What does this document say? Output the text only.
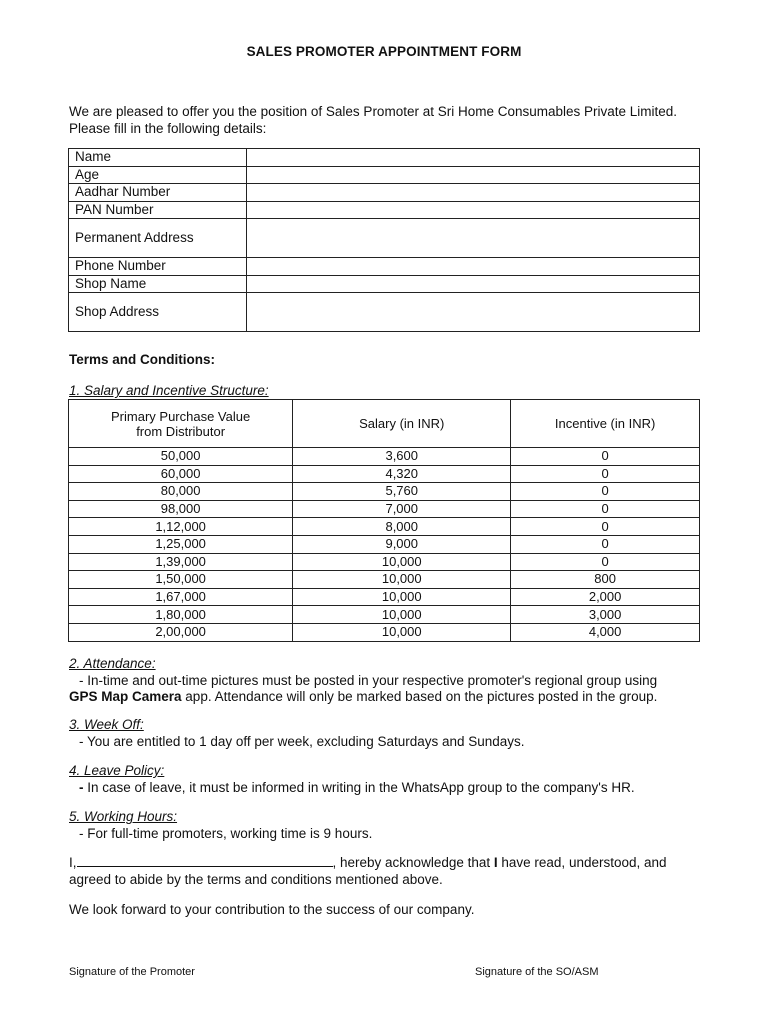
SALES PROMOTER APPOINTMENT FORM
We are pleased to offer you the position of Sales Promoter at Sri Home Consumables Private Limited.
Please fill in the following details:
Name	
Age	
Aadhar Number	
PAN Number	
Permanent Address	
Phone Number	
Shop Name	
Shop Address	
Terms and Conditions:
1. Salary and Incentive Structure:
Primary Purchase Value
from Distributor	Salary (in INR)	Incentive (in INR)
50,000	3,600	0
60,000	4,320	0
80,000	5,760	0
98,000	7,000	0
1,12,000	8,000	0
1,25,000	9,000	0
1,39,000	10,000	0
1,50,000	10,000	800
1,67,000	10,000	2,000
1,80,000	10,000	3,000
2,00,000	10,000	4,000
2. Attendance:
- In-time and out-time pictures must be posted in your respective promoter's regional group using
GPS Map Camera app. Attendance will only be marked based on the pictures posted in the group.
3. Week Off:
- You are entitled to 1 day off per week, excluding Saturdays and Sundays.
4. Leave Policy:
- In case of leave, it must be informed in writing in the WhatsApp group to the company's HR.
5. Working Hours:
- For full-time promoters, working time is 9 hours.
I,	, hereby acknowledge that I have read, understood, and
agreed to abide by the terms and conditions mentioned above.
We look forward to your contribution to the success of our company.
Signature of the Promoter	Signature of the SO/ASM
